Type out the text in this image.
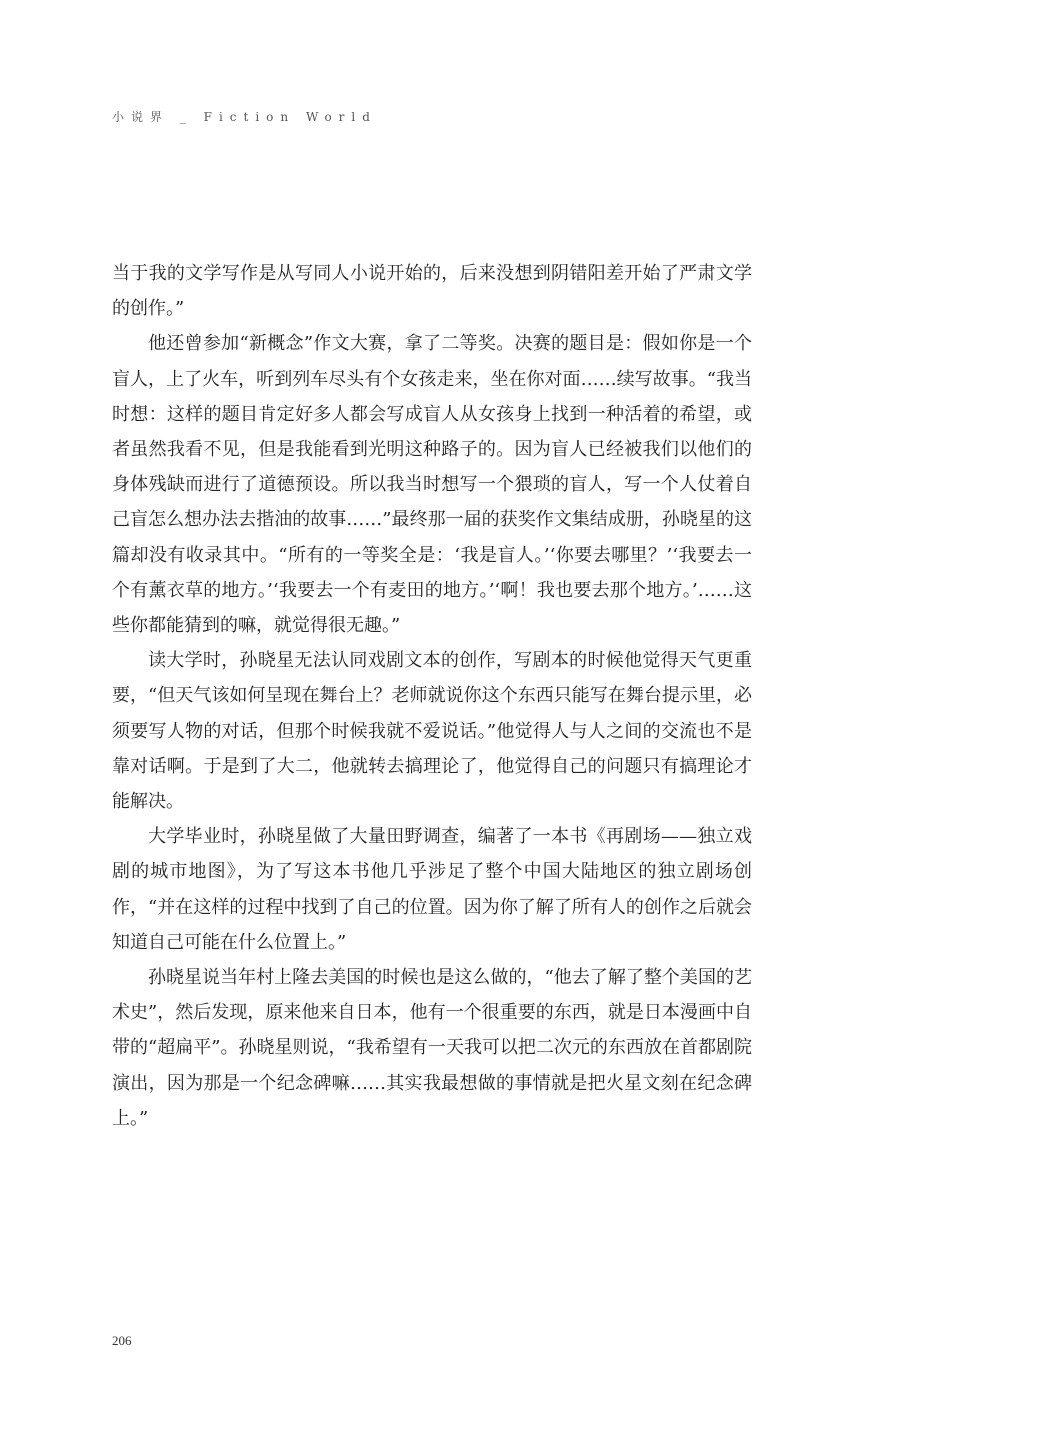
小说界 _ Fiction World

当于我的文学写作是从写同人小说开始的，后来没想到阴错阳差开始了严肃文学的创作。”

他还曾参加“新概念”作文大赛，拿了二等奖。决赛的题目是：假如你是一个盲人，上了火车，听到列车尽头有个女孩走来，坐在你对面……续写故事。“我当时想：这样的题目肯定好多人都会写成盲人从女孩身上找到一种活着的希望，或者虽然我看不见，但是我能看到光明这种路子的。因为盲人已经被我们以他们的身体残缺而进行了道德预设。所以我当时想写一个猥琐的盲人，写一个人仗着自己盲怎么想办法去揩油的故事……”最终那一届的获奖作文集结成册，孙晓星的这篇却没有收录其中。“所有的一等奖全是：‘我是盲人。’‘你要去哪里？’‘我要去一个有薰衣草的地方。’‘我要去一个有麦田的地方。’‘啊！我也要去那个地方。’……这些你都能猜到的嘛，就觉得很无趣。”

读大学时，孙晓星无法认同戏剧文本的创作，写剧本的时候他觉得天气更重要，“但天气该如何呈现在舞台上？老师就说你这个东西只能写在舞台提示里，必须要写人物的对话，但那个时候我就不爱说话。”他觉得人与人之间的交流也不是靠对话啊。于是到了大二，他就转去搞理论了，他觉得自己的问题只有搞理论才能解决。

大学毕业时，孙晓星做了大量田野调查，编著了一本书《再剧场——独立戏剧的城市地图》，为了写这本书他几乎涉足了整个中国大陆地区的独立剧场创作，“并在这样的过程中找到了自己的位置。因为你了解了所有人的创作之后就会知道自己可能在什么位置上。”

孙晓星说当年村上隆去美国的时候也是这么做的，“他去了解了整个美国的艺术史”，然后发现，原来他来自日本，他有一个很重要的东西，就是日本漫画中自带的“超扁平”。孙晓星则说，“我希望有一天我可以把二次元的东西放在首都剧院演出，因为那是一个纪念碑嘛……其实我最想做的事情就是把火星文刻在纪念碑上。”

206
